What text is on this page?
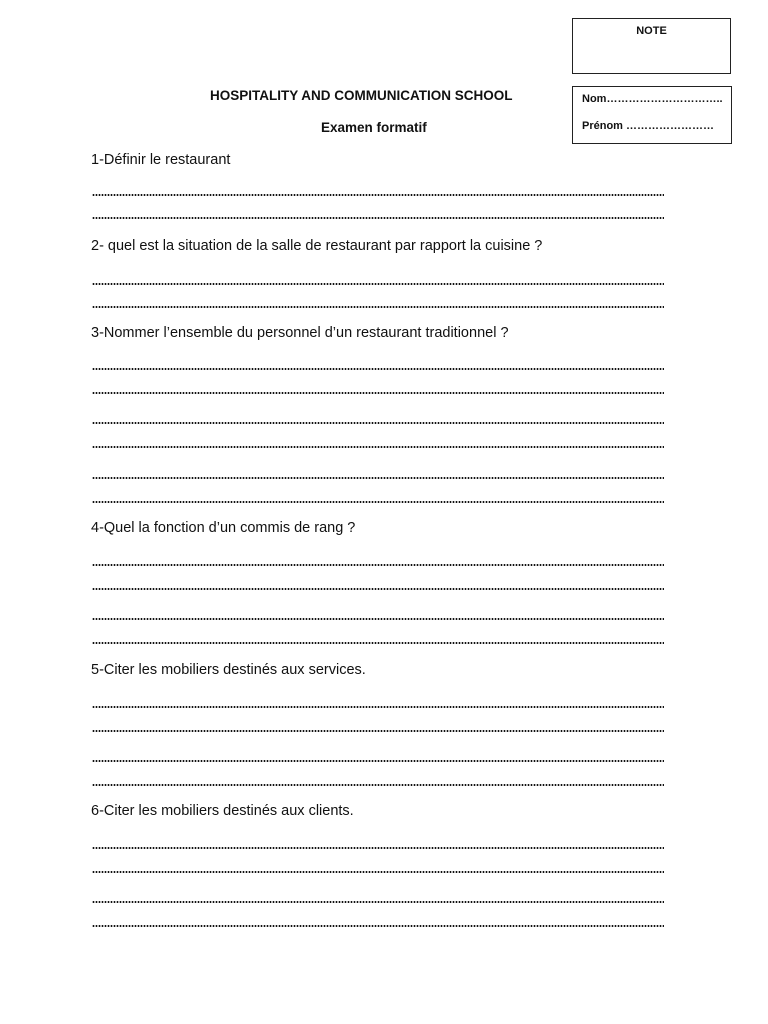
NOTE
Nom…………………………..
Prénom ……………………
HOSPITALITY AND COMMUNICATION SCHOOL
Examen formatif
1-Définir le restaurant
2- quel est la situation de la salle de restaurant par rapport la cuisine ?
3-Nommer l’ensemble du personnel d’un restaurant traditionnel ?
4-Quel la fonction d’un commis de rang ?
5-Citer les mobiliers destinés aux services.
6-Citer les mobiliers destinés aux clients.
